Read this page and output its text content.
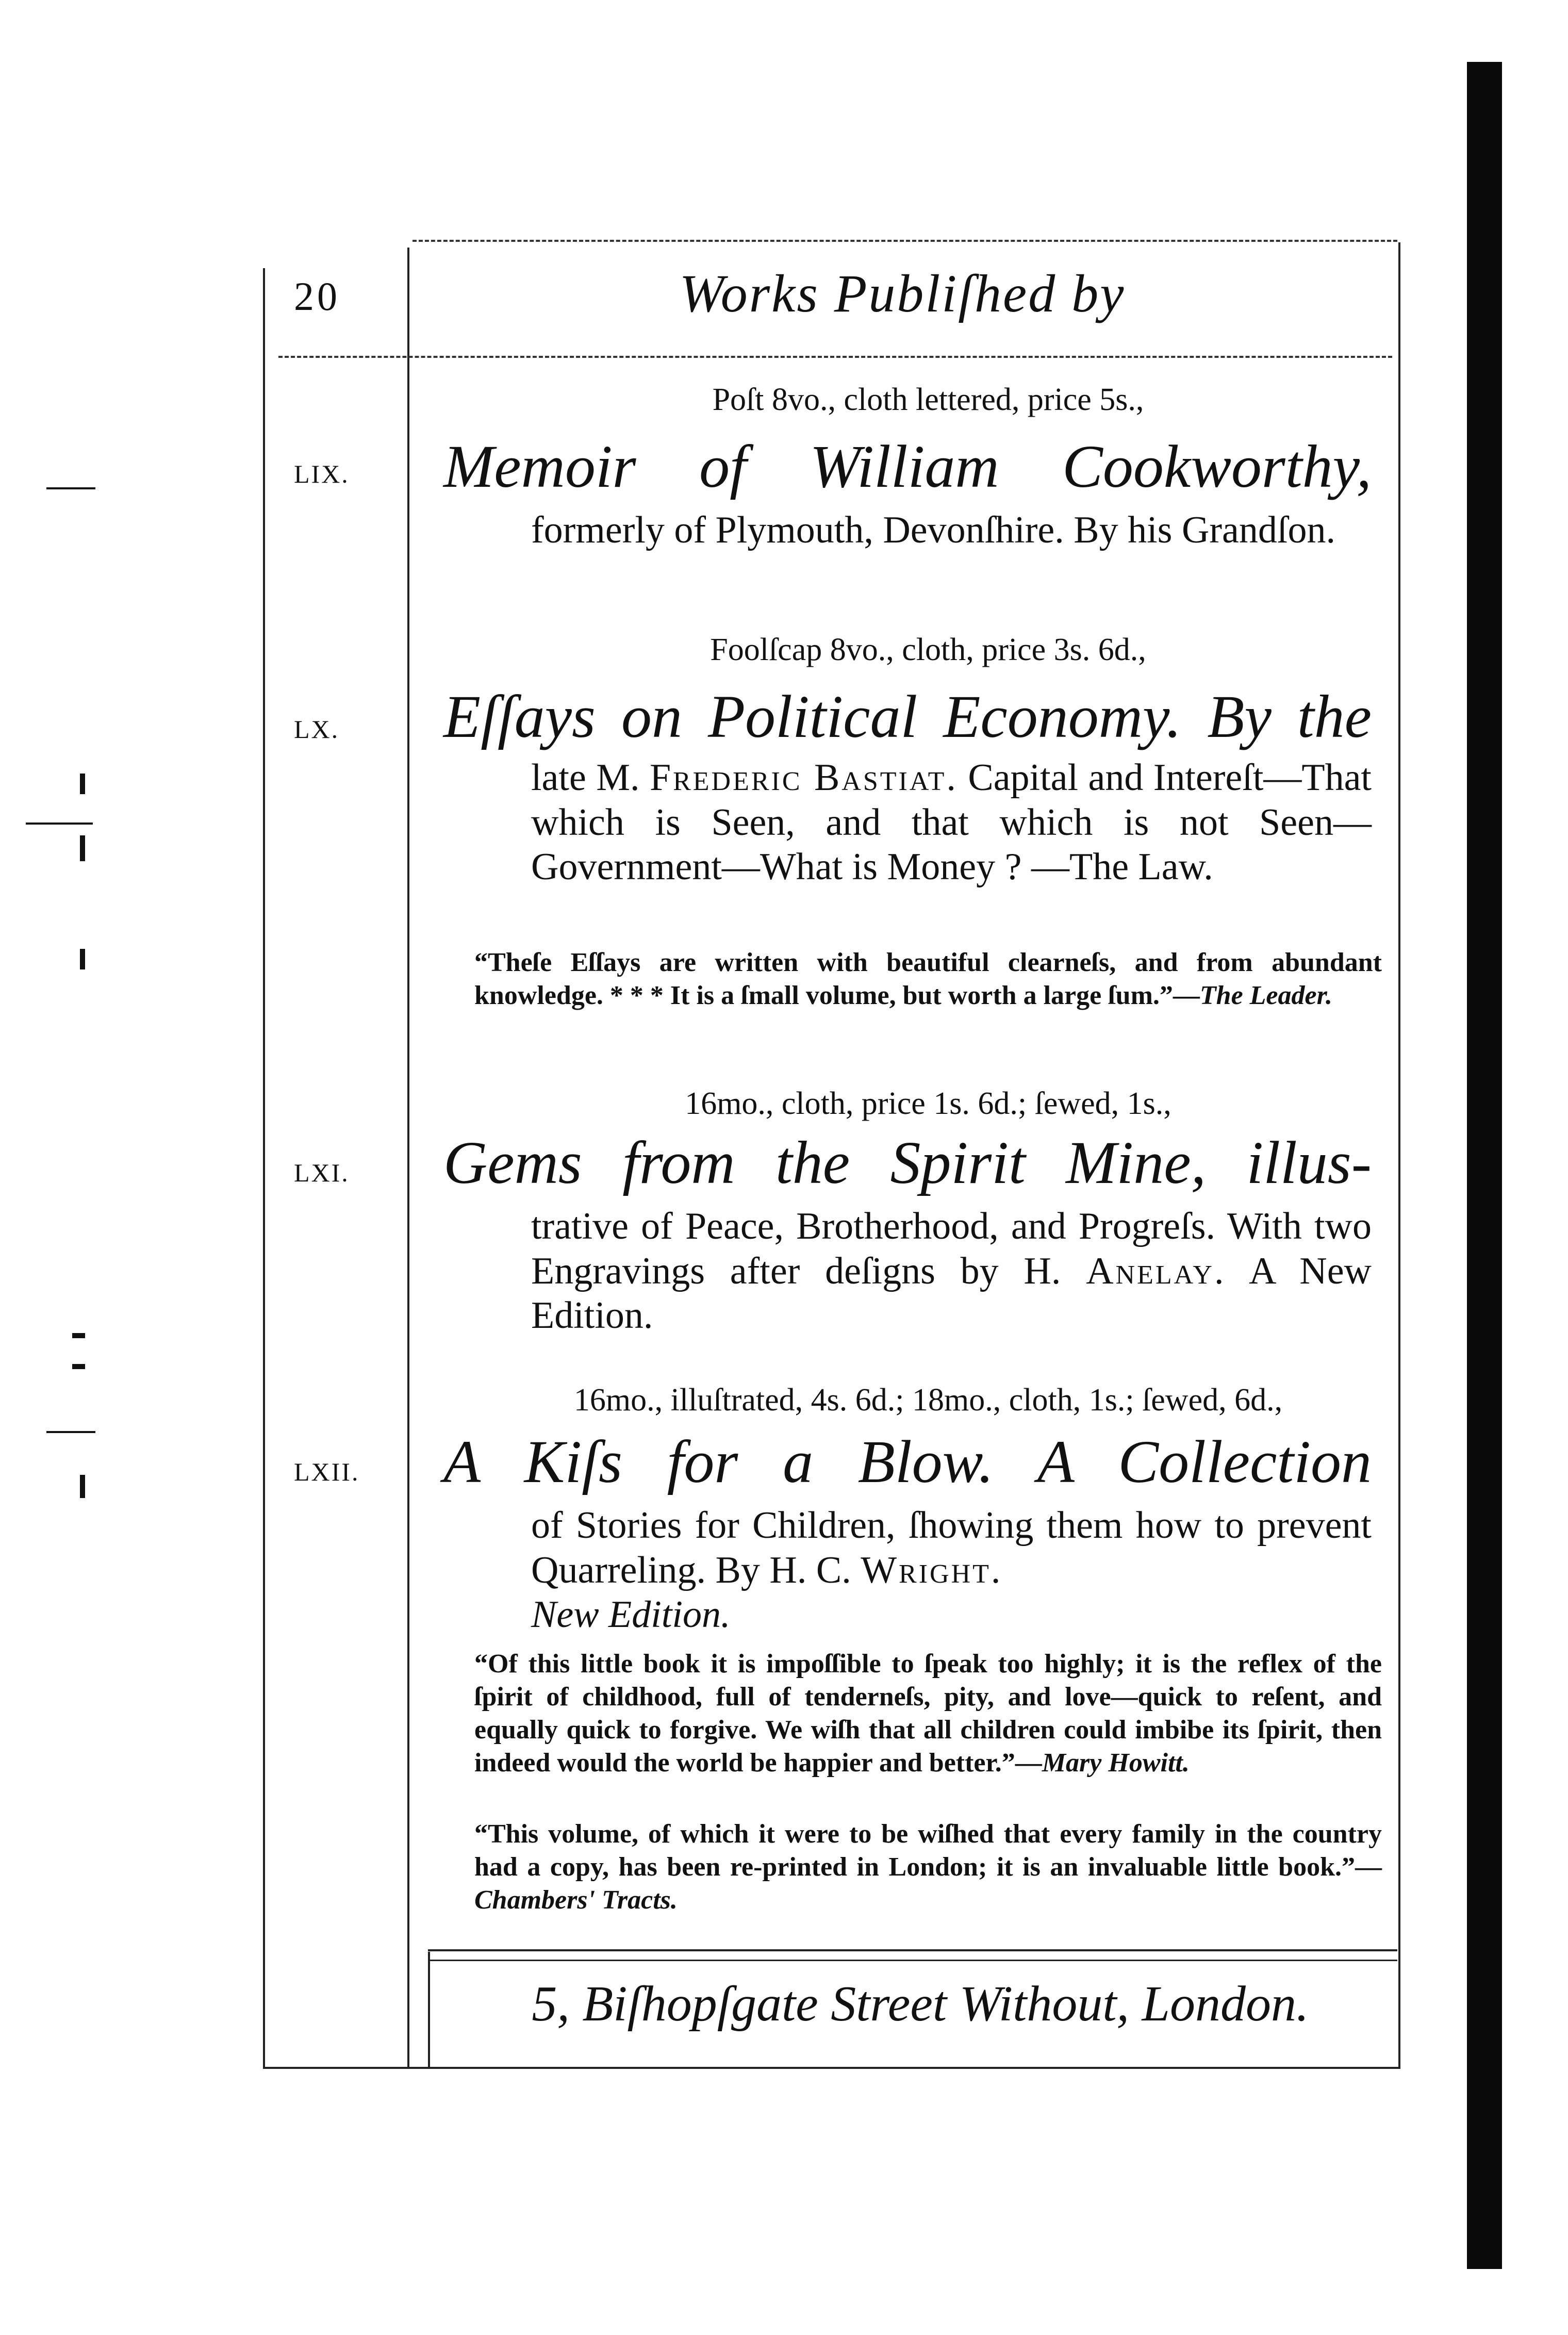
20	Works Publiſhed by
Poſt 8vo., cloth lettered, price 5s.,
LIX.	Memoir of William Cookworthy,
formerly of Plymouth, Devonſhire. By his Grandſon.
Foolſcap 8vo., cloth, price 3s. 6d.,
LX.	Eſſays on Political Economy. By the
late M. Frederic Bastiat. Capital and Intereſt—That which is Seen, and that which is not Seen—Government—What is Money ? —The Law.
“Theſe Eſſays are written with beautiful clearneſs, and from abundant knowledge. * * * It is a ſmall volume, but worth a large ſum.”—The Leader.
16mo., cloth, price 1s. 6d.; ſewed, 1s.,
LXI.	Gems from the Spirit Mine, illus-
trative of Peace, Brotherhood, and Progreſs. With two Engravings after deſigns by H. Anelay. A New Edition.
16mo., illuſtrated, 4s. 6d.; 18mo., cloth, 1s.; ſewed, 6d.,
LXII.	A Kiſs for a Blow. A Collection
of Stories for Children, ſhowing them how to prevent Quarreling. By H. C. Wright.
New Edition.
“Of this little book it is impoſſible to ſpeak too highly; it is the reflex of the ſpirit of childhood, full of tenderneſs, pity, and love—quick to reſent, and equally quick to forgive. We wiſh that all children could imbibe its ſpirit, then indeed would the world be happier and better.”—Mary Howitt.
“This volume, of which it were to be wiſhed that every family in the country had a copy, has been re-printed in London; it is an invaluable little book.”—Chambers' Tracts.
5, Biſhopſgate Street Without, London.
